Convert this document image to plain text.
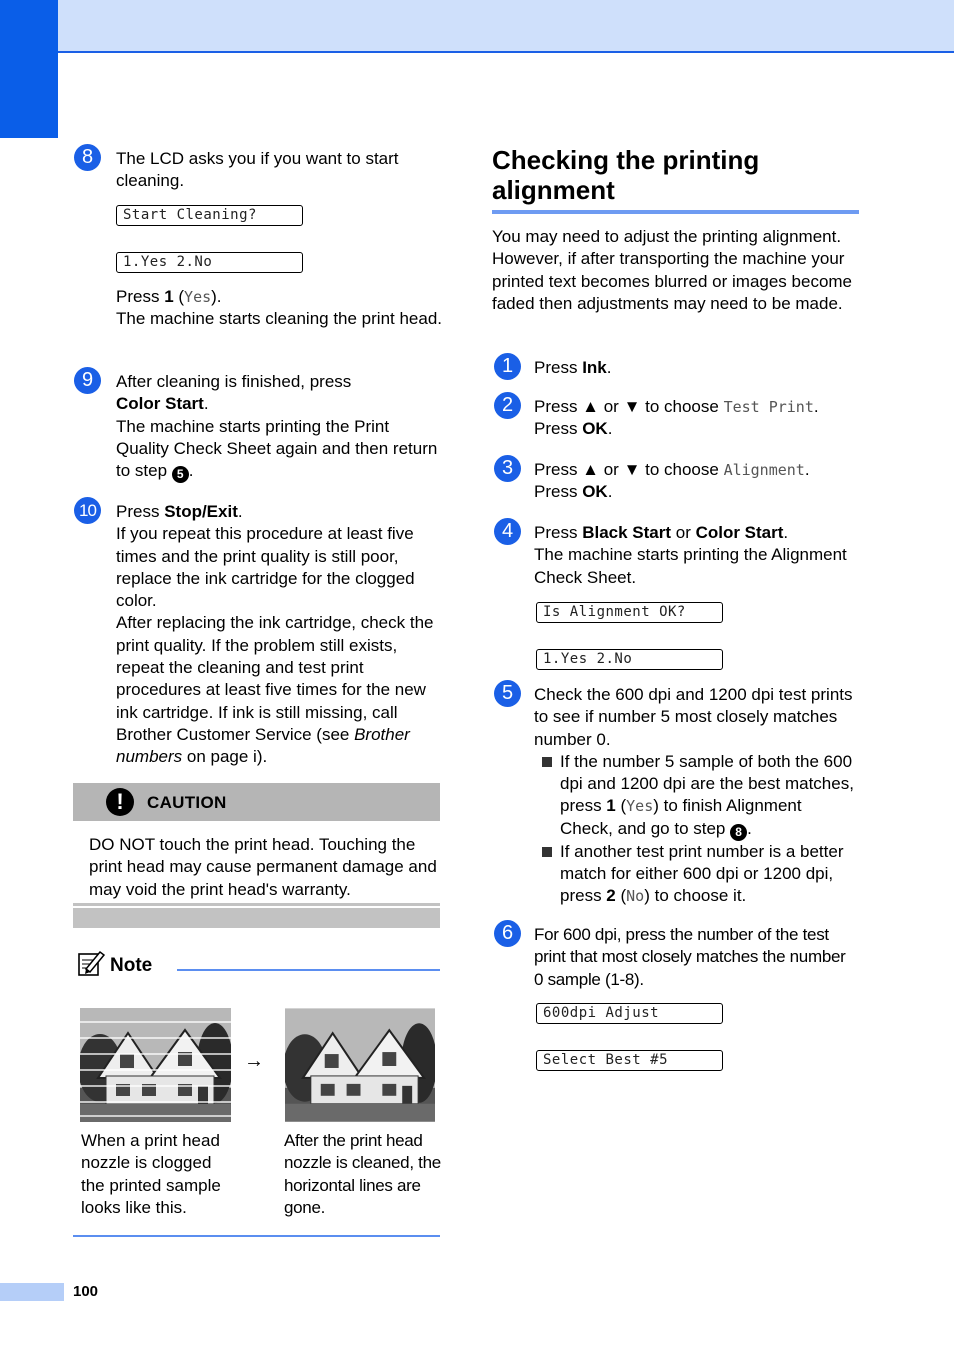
8	The LCD asks you if you want to start cleaning.

Start Cleaning?
1.Yes 2.No

Press 1 (Yes).

The machine starts cleaning the print head.

9	After cleaning is finished, press

Color Start.

The machine starts printing the Print Quality Check Sheet again and then return to step 5 .

10 Press Stop/Exit.

If you repeat this procedure at least five times and the print quality is still poor, replace the ink cartridge for the clogged color.

After replacing the ink cartridge, check the print quality. If the problem still exists, repeat the cleaning and test print procedures at least five times for the new ink cartridge. If ink is still missing, call Brother Customer Service (see Brother numbers on page i).

!	CAUTION
DO NOT touch the print head. Touching the print head may cause permanent damage and may void the print head's warranty.
Note
→
When a print head nozzle is clogged the printed sample looks like this.
After the print head nozzle is cleaned, the horizontal lines are gone.
Checking the printing alignment
You may need to adjust the printing alignment. However, if after transporting the machine your printed text becomes blurred or images become faded then adjustments may need to be made.
1	Press Ink.

2	Press ▲ or ▼ to choose Test Print.

Press OK.

3	Press ▲ or ▼ to choose Alignment.

Press OK.

4	Press Black Start or Color Start.

The machine starts printing the Alignment Check Sheet.

Is Alignment OK?
1.Yes 2.No
5	Check the 600 dpi and 1200 dpi test prints to see if number 5 most closely matches number 0.

If the number 5 sample of both the 600 dpi and 1200 dpi are the best matches, press 1 (Yes) to finish Alignment Check, and go to step 8 .

If another test print number is a better match for either 600 dpi or 1200 dpi, press 2 (No) to choose it.

6	For 600 dpi, press the number of the test print that most closely matches the number 0 sample (1-8).

600dpi Adjust
Select Best #5
100
